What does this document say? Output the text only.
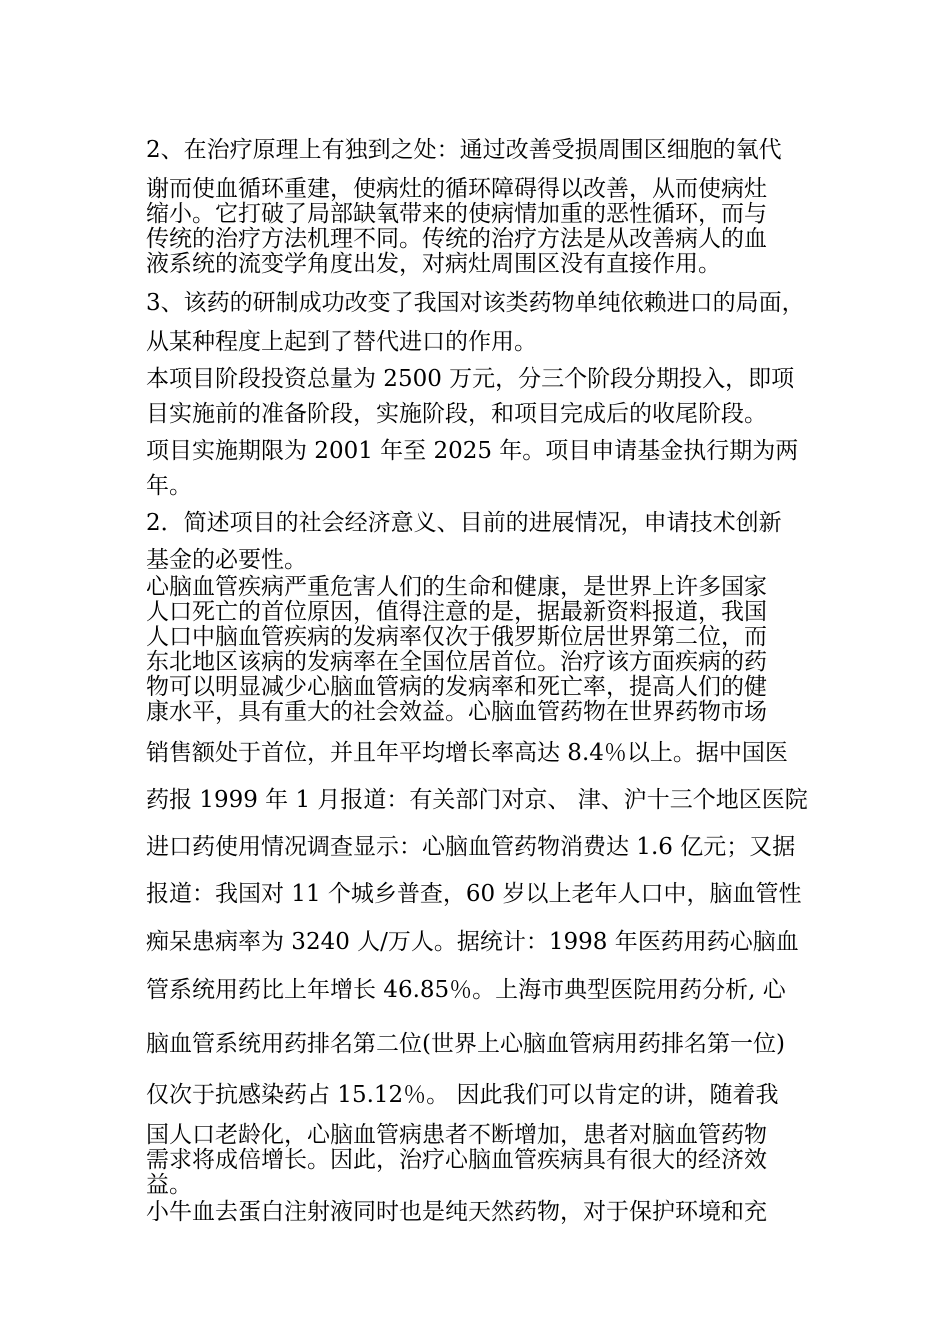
2、在治疗原理上有独到之处：通过改善受损周围区细胞的氧代
谢而使血循环重建，使病灶的循环障碍得以改善，从而使病灶
缩小。它打破了局部缺氧带来的使病情加重的恶性循环，而与
传统的治疗方法机理不同。传统的治疗方法是从改善病人的血
液系统的流变学角度出发，对病灶周围区没有直接作用。
3、该药的研制成功改变了我国对该类药物单纯依赖进口的局面，
从某种程度上起到了替代进口的作用。
本项目阶段投资总量为 2500 万元，分三个阶段分期投入，即项
目实施前的准备阶段，实施阶段，和项目完成后的收尾阶段。
项目实施期限为 2001 年至 2025 年。项目申请基金执行期为两
年。
2．简述项目的社会经济意义、目前的进展情况，申请技术创新
基金的必要性。
心脑血管疾病严重危害人们的生命和健康，是世界上许多国家
人口死亡的首位原因，值得注意的是，据最新资料报道，我国
人口中脑血管疾病的发病率仅次于俄罗斯位居世界第二位，而
东北地区该病的发病率在全国位居首位。治疗该方面疾病的药
物可以明显减少心脑血管病的发病率和死亡率，提高人们的健
康水平，具有重大的社会效益。心脑血管药物在世界药物市场
销售额处于首位，并且年平均增长率高达 8.4％以上。据中国医
药报 1999 年 1 月报道：有关部门对京、 津、沪十三个地区医院
进口药使用情况调查显示：心脑血管药物消费达 1.6 亿元；又据
报道：我国对 11 个城乡普查，60 岁以上老年人口中，脑血管性
痴呆患病率为 3240 人/万人。据统计：1998 年医药用药心脑血
管系统用药比上年增长 46.85％。上海市典型医院用药分析, 心
脑血管系统用药排名第二位(世界上心脑血管病用药排名第一位)
仅次于抗感染药占 15.12％。 因此我们可以肯定的讲，随着我
国人口老龄化，心脑血管病患者不断增加，患者对脑血管药物
需求将成倍增长。因此，治疗心脑血管疾病具有很大的经济效
益。
小牛血去蛋白注射液同时也是纯天然药物，对于保护环境和充
